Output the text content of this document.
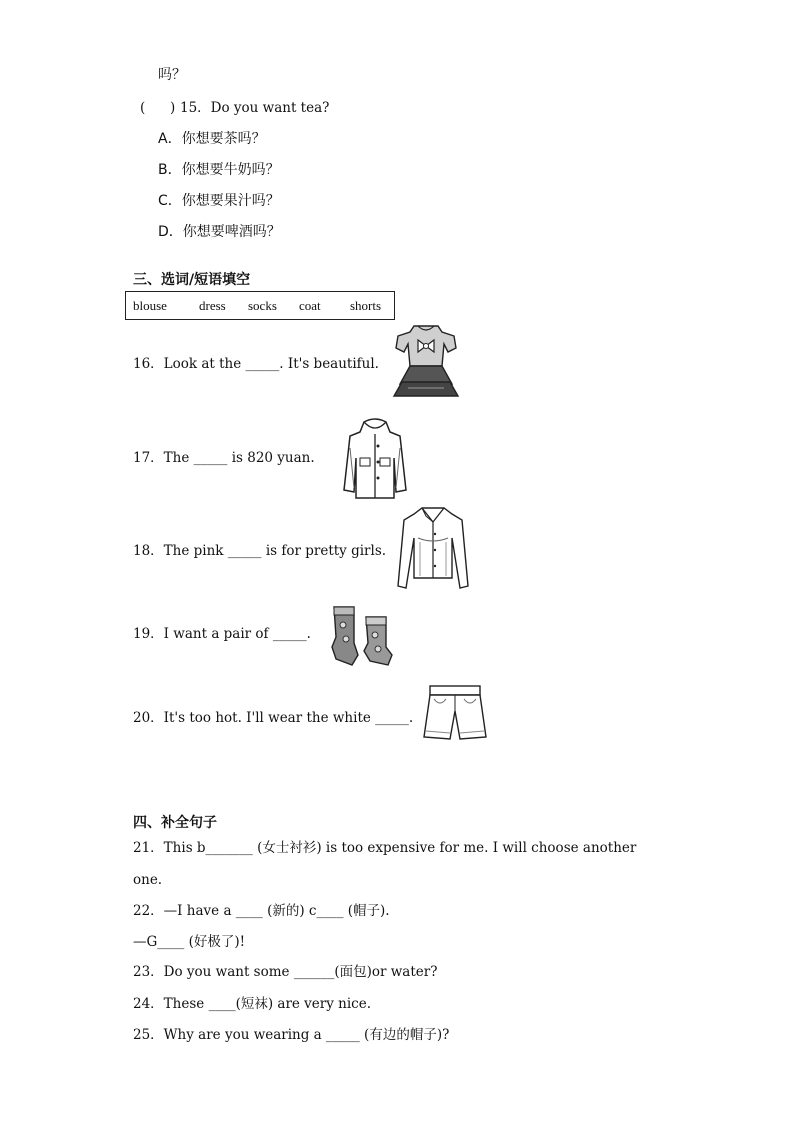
吗？
( ) 15．Do you want tea?
A．你想要茶吗？
B．你想要牛奶吗？
C．你想要果汁吗？
D．你想要啤酒吗？
三、选词/短语填空
blouse dress socks coat shorts
16．Look at the _____. It's beautiful.
17．The _____ is 820 yuan.
18．The pink _____ is for pretty girls.
19．I want a pair of _____.
20．It's too hot. I'll wear the white _____.
四、补全句子
21．This b_______ (女士衬衫) is too expensive for me. I will choose another
one.
22．—I have a ____ (新的) c____ (帽子).
—G____ (好极了)!
23．Do you want some ______(面包)or water?
24．These ____(短袜) are very nice.
25．Why are you wearing a _____ (有边的帽子)?
